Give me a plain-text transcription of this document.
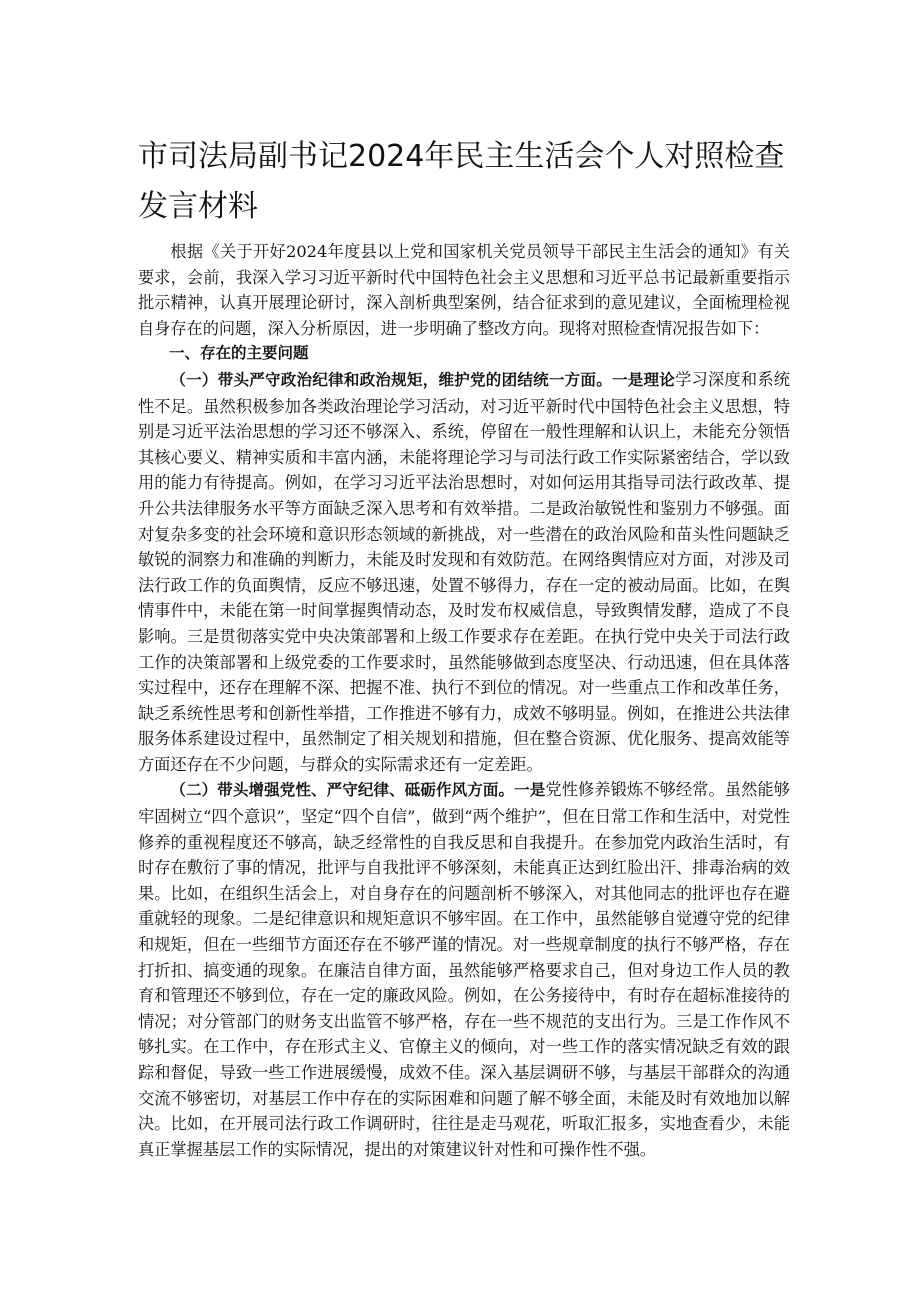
市司法局副书记2024年民主生活会个人对照检查发言材料

根据《关于开好2024年度县以上党和国家机关党员领导干部民主生活会的通知》有关要求，会前，我深入学习习近平新时代中国特色社会主义思想和习近平总书记最新重要指示批示精神，认真开展理论研讨，深入剖析典型案例，结合征求到的意见建议，全面梳理检视自身存在的问题，深入分析原因，进一步明确了整改方向。现将对照检查情况报告如下：

一、存在的主要问题

（一）带头严守政治纪律和政治规矩，维护党的团结统一方面。一是理论学习深度和系统性不足。虽然积极参加各类政治理论学习活动，对习近平新时代中国特色社会主义思想，特别是习近平法治思想的学习还不够深入、系统，停留在一般性理解和认识上，未能充分领悟其核心要义、精神实质和丰富内涵，未能将理论学习与司法行政工作实际紧密结合，学以致用的能力有待提高。例如，在学习习近平法治思想时，对如何运用其指导司法行政改革、提升公共法律服务水平等方面缺乏深入思考和有效举措。二是政治敏锐性和鉴别力不够强。面对复杂多变的社会环境和意识形态领域的新挑战，对一些潜在的政治风险和苗头性问题缺乏敏锐的洞察力和准确的判断力，未能及时发现和有效防范。在网络舆情应对方面，对涉及司法行政工作的负面舆情，反应不够迅速，处置不够得力，存在一定的被动局面。比如，在舆情事件中，未能在第一时间掌握舆情动态，及时发布权威信息，导致舆情发酵，造成了不良影响。三是贯彻落实党中央决策部署和上级工作要求存在差距。在执行党中央关于司法行政工作的决策部署和上级党委的工作要求时，虽然能够做到态度坚决、行动迅速，但在具体落实过程中，还存在理解不深、把握不准、执行不到位的情况。对一些重点工作和改革任务，缺乏系统性思考和创新性举措，工作推进不够有力，成效不够明显。例如，在推进公共法律服务体系建设过程中，虽然制定了相关规划和措施，但在整合资源、优化服务、提高效能等方面还存在不少问题，与群众的实际需求还有一定差距。

（二）带头增强党性、严守纪律、砥砺作风方面。一是党性修养锻炼不够经常。虽然能够牢固树立“四个意识”，坚定“四个自信”，做到“两个维护”，但在日常工作和生活中，对党性修养的重视程度还不够高，缺乏经常性的自我反思和自我提升。在参加党内政治生活时，有时存在敷衍了事的情况，批评与自我批评不够深刻，未能真正达到红脸出汗、排毒治病的效果。比如，在组织生活会上，对自身存在的问题剖析不够深入，对其他同志的批评也存在避重就轻的现象。二是纪律意识和规矩意识不够牢固。在工作中，虽然能够自觉遵守党的纪律和规矩，但在一些细节方面还存在不够严谨的情况。对一些规章制度的执行不够严格，存在打折扣、搞变通的现象。在廉洁自律方面，虽然能够严格要求自己，但对身边工作人员的教育和管理还不够到位，存在一定的廉政风险。例如，在公务接待中，有时存在超标准接待的情况；对分管部门的财务支出监管不够严格，存在一些不规范的支出行为。三是工作作风不够扎实。在工作中，存在形式主义、官僚主义的倾向，对一些工作的落实情况缺乏有效的跟踪和督促，导致一些工作进展缓慢，成效不佳。深入基层调研不够，与基层干部群众的沟通交流不够密切，对基层工作中存在的实际困难和问题了解不够全面，未能及时有效地加以解决。比如，在开展司法行政工作调研时，往往是走马观花，听取汇报多，实地查看少，未能真正掌握基层工作的实际情况，提出的对策建议针对性和可操作性不强。
